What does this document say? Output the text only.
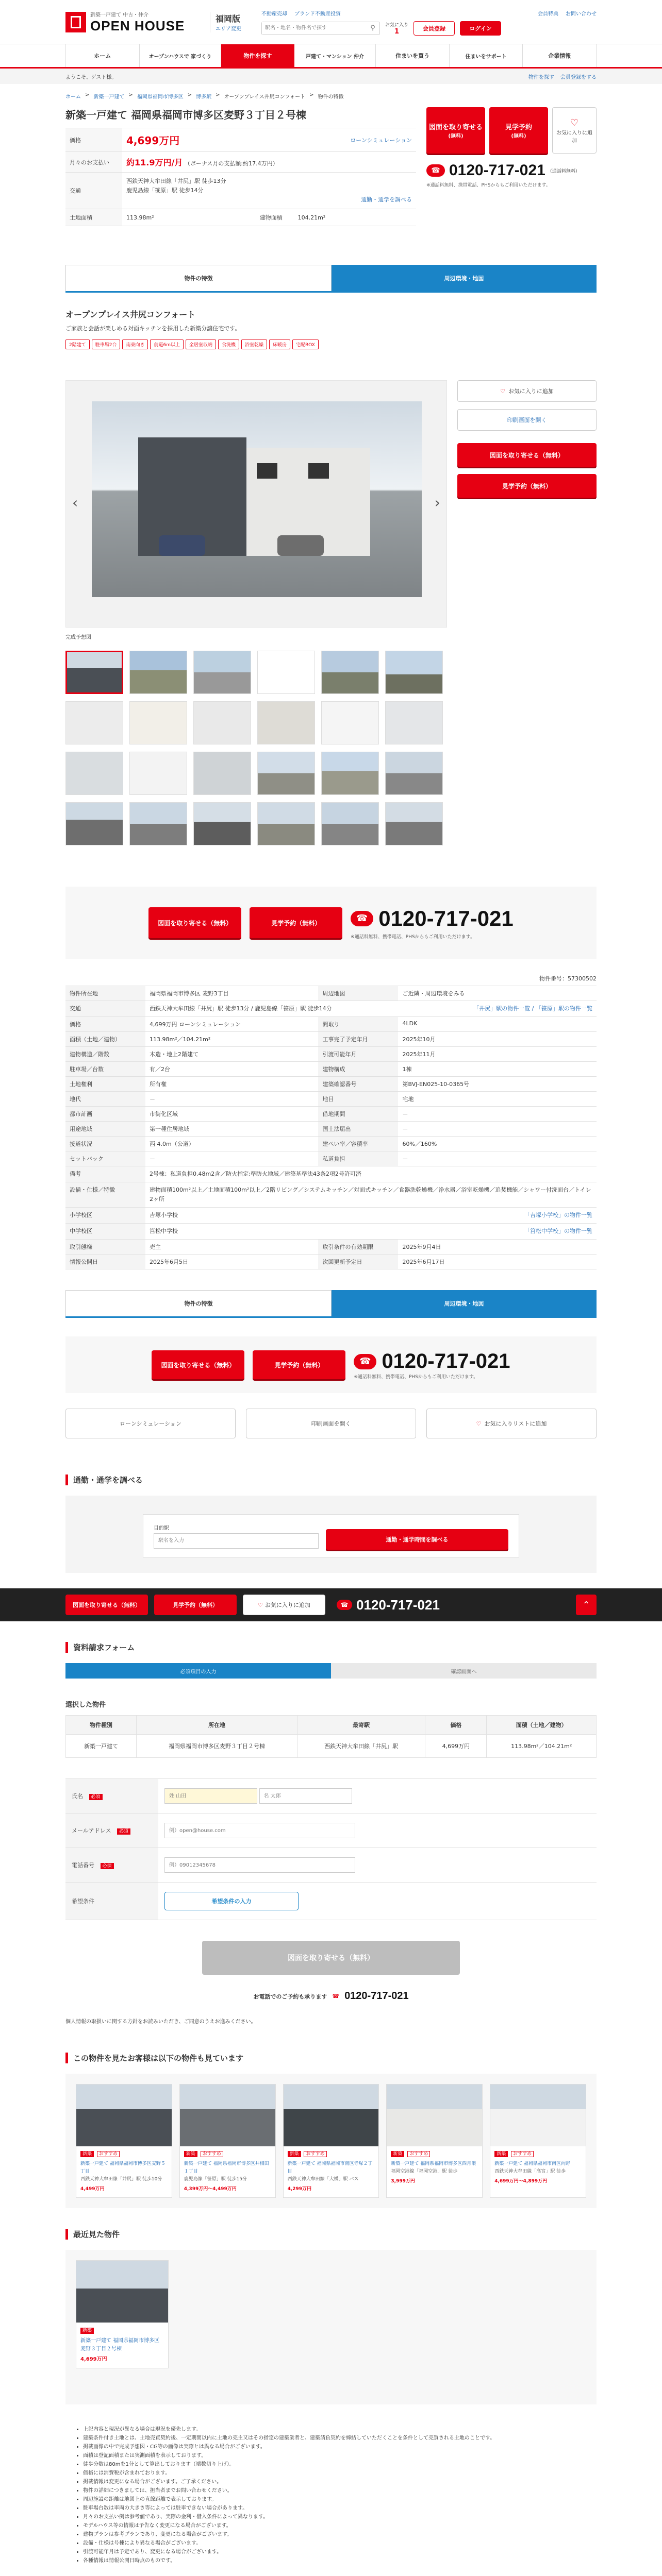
新築一戸建て 中古・仲介
OPEN HOUSE	福岡版
エリア変更
不動産売却 ブランド不動産投資	会員特典 お問い合わせ
駅名・地名・物件名で探す
⚲	お気に入り
1	会員登録	ログイン
ホーム	オープンハウスで 家づくり	物件を探す	戸建て・マンション 仲介	住まいを買う	住まいをサポート	企業情報
ようこそ、ゲスト様。	物件を探す 会員登録をする
ホーム > 新築一戸建て > 福岡県福岡市博多区 > 博多駅 > オープンプレイス井尻コンフォート > 物件の特徴
新築一戸建て 福岡県福岡市博多区麦野３丁目２号棟
価格	4,699万円	ローンシミュレーション
月々のお支払い	約11.9万円/月 （ボーナス月の支払額:約17.4万円）	
交通	西鉄天神大牟田線「井尻」駅 徒歩13分
鹿児島線「笹原」駅 徒歩14分
通勤・通学を調べる	

土地面積	113.98m²	建物面積 104.21m²
図面を取り寄せる
(無料)
見学予約
(無料)
♡
お気に入りに追加
☎ 0120-717-021 （通話料無料）
※通話料無料、携帯電話、PHSからもご利用いただけます。
物件の特徴	周辺環境・地図
オープンプレイス井尻コンフォート
ご家族と会話が楽しめる対面キッチンを採用した新築分譲住宅です。
2階建て 駐車場2台 南東向き 前道6m以上 全居室収納 食洗機 浴室乾燥 床暖房 宅配BOX
‹	›
完成予想図
♡ お気に入りに追加
印刷画面を開く
図面を取り寄せる（無料）
見学予約（無料）
図面を取り寄せる（無料）	見学予約（無料）	☎ 0120-717-021
※通話料無料、携帯電話、PHSからもご利用いただけます。
物件番号：57300502
物件所在地	福岡県福岡市博多区 麦野3丁目	周辺地図	ご近隣・周辺環境をみる
交通	西鉄天神大牟田線「井尻」駅 徒歩13分 / 鹿児島線「笹原」駅 徒歩14分		「井尻」駅の物件一覧 / 「笹原」駅の物件一覧
価格	4,699万円 ローンシミュレーション	間取り	4LDK
面積（土地／建物）	113.98m²／104.21m²	工事完了予定年月	2025年10月
建物構造／階数	木造・地上2階建て	引渡可能年月	2025年11月
駐車場／台数	有／2台	建物構成	1棟
土地権利	所有権	建築確認番号	第BVJ-EN025-10-0365号
地代	－	地目	宅地
都市計画	市街化区域	借地期間	－
用途地域	第一種住居地域	国土法届出	－
接道状況	西 4.0m（公道）	建ぺい率／容積率	60%／160%
セットバック	－	私道負担	－
備考	2号棟：私道負担0.48m2含／防火指定:準防火地域／建築基準法43条2項2号許可済		
設備・仕様／特徴	建物面積100m²以上／土地面積100m²以上／2階リビング／システムキッチン／対面式キッチン／食器洗乾燥機／浄水器／浴室乾燥機／追焚機能／シャワー付洗面台／トイレ2ヶ所		
小学校区	吉塚小学校		「吉塚小学校」の物件一覧
中学校区	筥松中学校		「筥松中学校」の物件一覧
取引態様	売主	取引条件の有効期限	2025年9月4日
情報公開日	2025年6月5日	次回更新予定日	2025年6月17日
物件の特徴	周辺環境・地図
図面を取り寄せる（無料）	見学予約（無料）	☎ 0120-717-021
※通話料無料、携帯電話、PHSからもご利用いただけます。
ローンシミュレーション	印刷画面を開く	♡ お気に入りリストに追加
通勤・通学を調べる
目的駅
駅名を入力
通勤・通学時間を調べる
図面を取り寄せる（無料）	見学予約（無料）	♡ お気に入りに追加	☎ 0120-717-021	⌃
資料請求フォーム
必須項目の入力	確認画面へ
選択した物件
物件種別	所在地	最寄駅	価格	面積（土地／建物）
新築一戸建て	福岡県福岡市博多区麦野３丁目２号棟	西鉄天神大牟田線「井尻」駅	4,699万円	113.98m²／104.21m²
氏名 必須	姓 山田 名 太郎
メールアドレス 必須	例）open@house.com
電話番号 必須	例）09012345678
希望条件	希望条件の入力
図面を取り寄せる（無料）
お電話でのご予約も承ります ☎ 0120-717-021
個人情報の取扱いに関する方針をお読みいただき、ご同意のうえお進みください。
この物件を見たお客様は以下の物件も見ています
新築 おすすめ
新築一戸建て 福岡県福岡市博多区麦野５丁目
西鉄天神大牟田線「井尻」駅 徒歩10分
4,499万円
新築 おすすめ
新築一戸建て 福岡県福岡市博多区井相田１丁目
鹿児島線「笹原」駅 徒歩15分
4,399万円〜4,499万円
新築 おすすめ
新築一戸建て 福岡県福岡市南区寺塚２丁目
西鉄天神大牟田線「大橋」駅 バス
4,299万円
新築 おすすめ
新築一戸建て 福岡県福岡市博多区西月隈
福岡空港線「福岡空港」駅 徒歩
3,999万円
新築 おすすめ
新築一戸建て 福岡県福岡市南区向野
西鉄天神大牟田線「高宮」駅 徒歩
4,699万円〜4,899万円
最近見た物件
新築
新築一戸建て 福岡県福岡市博多区麦野３丁目２号棟
4,699万円
• 上記内容と現況が異なる場合は現況を優先します。
• 建築条件付き土地とは、土地売買契約後、一定期間以内に土地の売主又はその指定の建築業者と、建築請負契約を締結していただくことを条件として売買される土地のことです。
• 掲載画像の中で完成予想図・CG等の画像は実際とは異なる場合がございます。
• 面積は登記面積または実測面積を表示しております。
• 徒歩分数は80mを1分として算出しております（端数切り上げ）。
• 価格には消費税が含まれております。
• 掲載情報は変更になる場合がございます。ご了承ください。
• 物件の詳細につきましては、担当者までお問い合わせください。
• 周辺施設の距離は地図上の直線距離で表示しております。
• 駐車場台数は車両の大きさ等によっては駐車できない場合があります。
• 月々のお支払い例は参考値であり、実際の金利・借入条件によって異なります。
• モデルハウス等の情報は予告なく変更になる場合がございます。
• 建物プランは参考プランであり、変更になる場合がございます。
• 設備・仕様は号棟により異なる場合がございます。
• 引渡可能年月は予定であり、変更になる場合がございます。
• 各種情報は情報公開日時点のものです。
